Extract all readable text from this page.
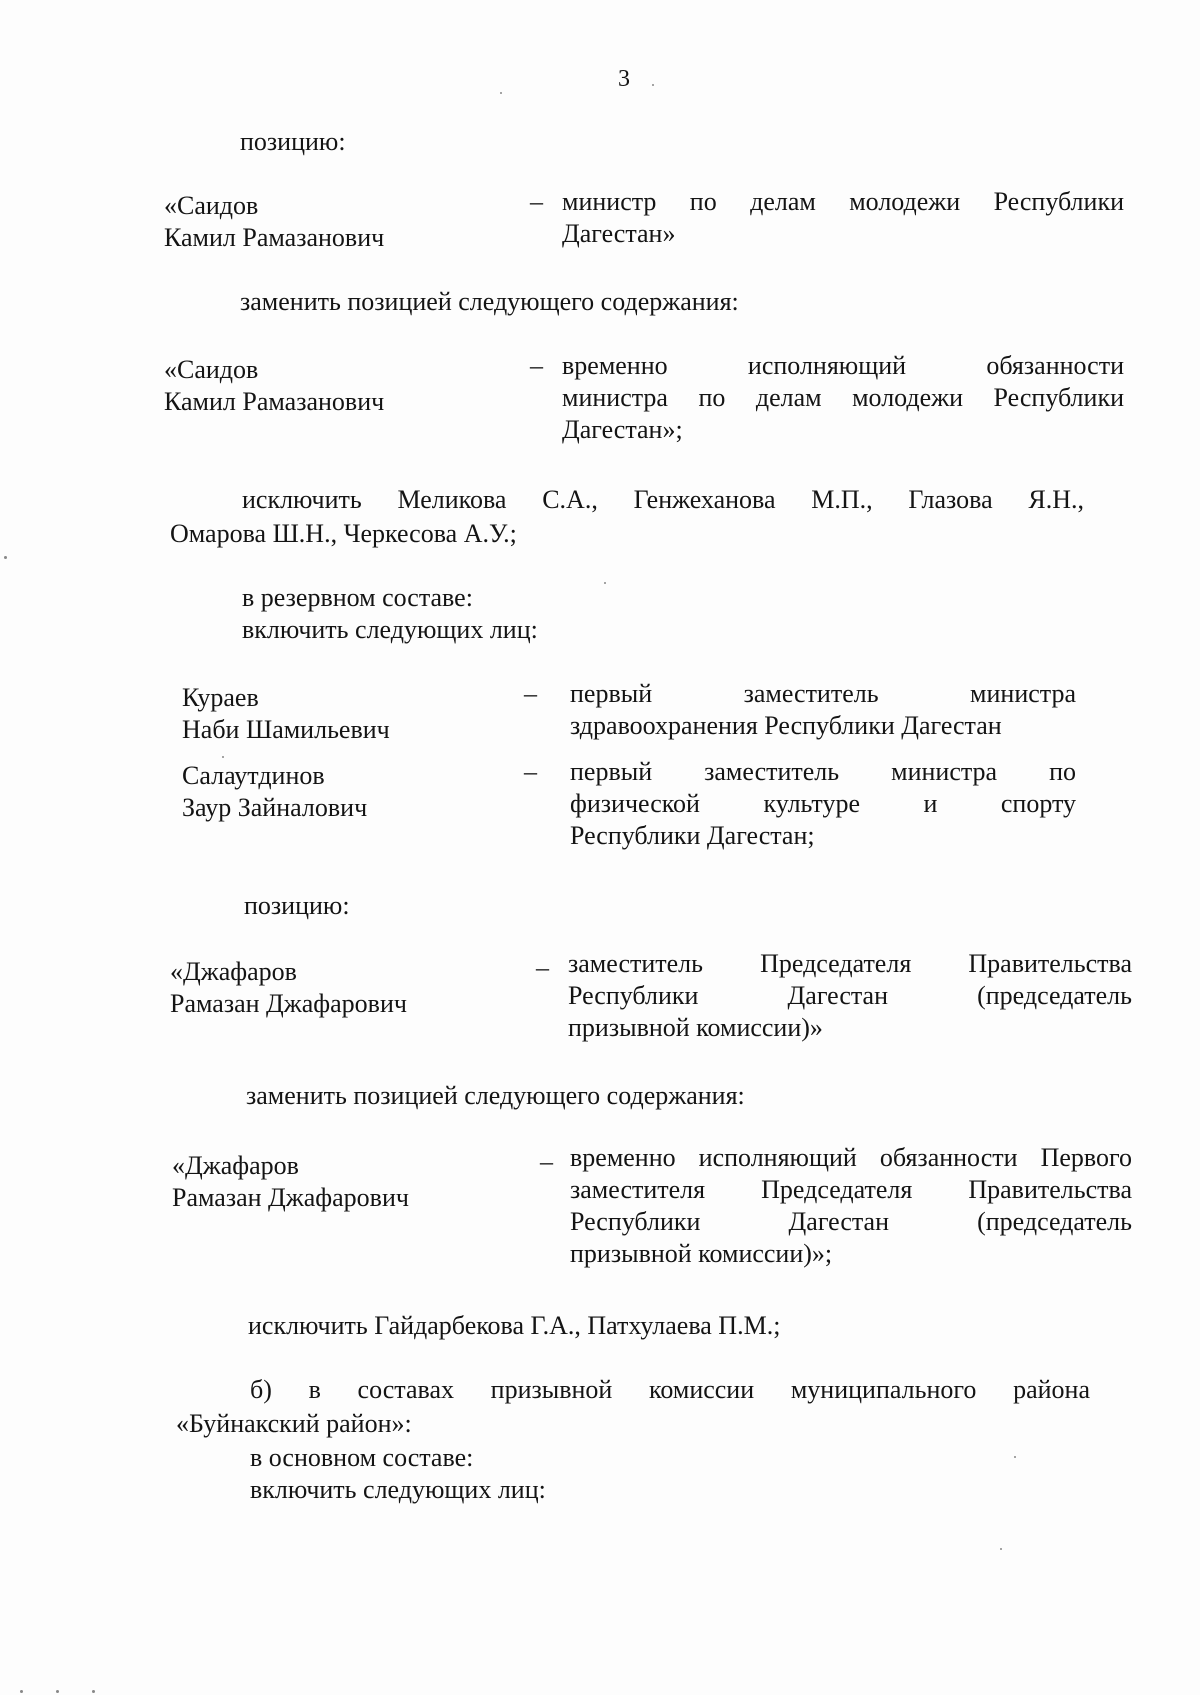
3
позицию:
«Саидов
Камил Рамазанович
– министр по делам молодежи Республики
Дагестан»
заменить позицией следующего содержания:
«Саидов
Камил Рамазанович
– временно исполняющий обязанности
министра по делам молодежи Республики
Дагестан»;
исключить Меликова С.А., Генжеханова М.П., Глазова Я.Н.,
Омарова Ш.Н., Черкесова А.У.;
в резервном составе:
включить следующих лиц:
Кураев
Наби Шамильевич
– первый заместитель министра
здравоохранения Республики Дагестан
Салаутдинов
Заур Зайналович
– первый заместитель министра по
физической культуре и спорту
Республики Дагестан;
позицию:
«Джафаров
Рамазан Джафарович
– заместитель Председателя Правительства
Республики Дагестан (председатель
призывной комиссии)»
заменить позицией следующего содержания:
«Джафаров
Рамазан Джафарович
– временно исполняющий обязанности Первого
заместителя Председателя Правительства
Республики Дагестан (председатель
призывной комиссии)»;
исключить Гайдарбекова Г.А., Патхулаева П.М.;
б) в составах призывной комиссии муниципального района
«Буйнакский район»:
в основном составе:
включить следующих лиц:
